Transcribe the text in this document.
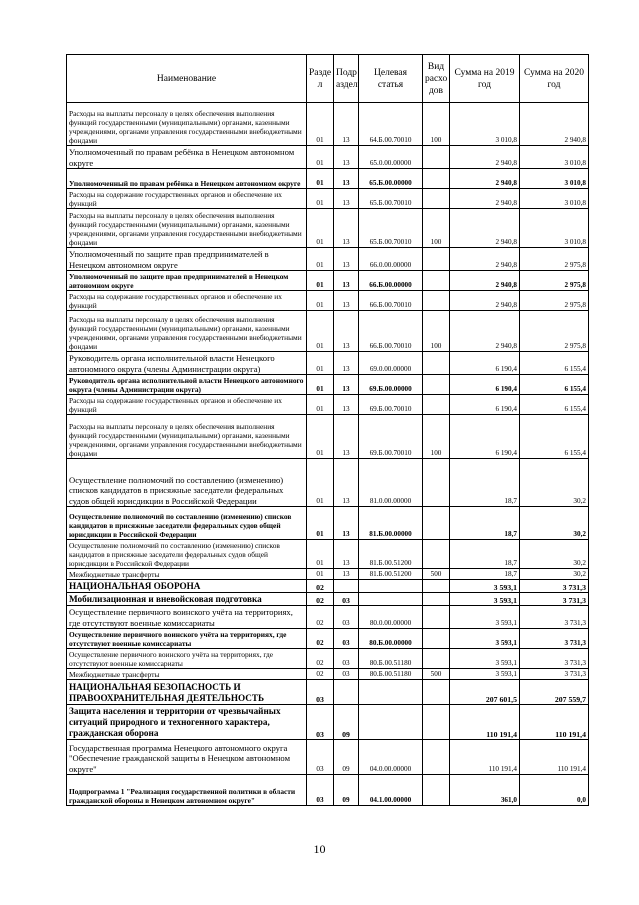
Наименование	Разде л	Подр аздел	Целевая статья	Вид расхо дов	Сумма на 2019 год	Сумма на 2020 год
Расходы на выплаты персоналу в целях обеспечения выполнения функций государственными (муниципальными) органами, казенными учреждениями, органами управления государственными внебюджетными фондами	01	13	64.Б.00.70010	100	3 010,8	2 940,8
Уполномоченный по правам ребёнка в Ненецком автономном округе	01	13	65.0.00.00000		2 940,8	3 010,8
Уполномоченный по правам ребёнка в Ненецком автономном округе	01	13	65.Б.00.00000		2 940,8	3 010,8
Расходы на содержание государственных органов и обеспечение их функций	01	13	65.Б.00.70010		2 940,8	3 010,8
Расходы на выплаты персоналу в целях обеспечения выполнения функций государственными (муниципальными) органами, казенными учреждениями, органами управления государственными внебюджетными фондами	01	13	65.Б.00.70010	100	2 940,8	3 010,8
Уполномоченный по защите прав предпринимателей в Ненецком автономном округе	01	13	66.0.00.00000		2 940,8	2 975,8
Уполномоченный по защите прав предпринимателей в Ненецком автономном округе	01	13	66.Б.00.00000		2 940,8	2 975,8
Расходы на содержание государственных органов и обеспечение их функций	01	13	66.Б.00.70010		2 940,8	2 975,8
Расходы на выплаты персоналу в целях обеспечения выполнения функций государственными (муниципальными) органами, казенными учреждениями, органами управления государственными внебюджетными фондами	01	13	66.Б.00.70010	100	2 940,8	2 975,8
Руководитель органа исполнительной власти Ненецкого автономного округа (члены Администрации округа)	01	13	69.0.00.00000		6 190,4	6 155,4
Руководитель органа исполнительной власти Ненецкого автономного округа (члены Администрации округа)	01	13	69.Б.00.00000		6 190,4	6 155,4
Расходы на содержание государственных органов и обеспечение их функций	01	13	69.Б.00.70010		6 190,4	6 155,4
Расходы на выплаты персоналу в целях обеспечения выполнения функций государственными (муниципальными) органами, казенными учреждениями, органами управления государственными внебюджетными фондами	01	13	69.Б.00.70010	100	6 190,4	6 155,4
Осуществление полномочий по составлению (изменению) списков кандидатов в присяжные заседатели федеральных судов общей юрисдикции в Российской Федерации	01	13	81.0.00.00000		18,7	30,2
Осуществление полномочий по составлению (изменению) списков кандидатов в присяжные заседатели федеральных судов общей юрисдикции в Российской Федерации	01	13	81.Б.00.00000		18,7	30,2
Осуществление полномочий по составлению (изменению) списков кандидатов в присяжные заседатели федеральных судов общей юрисдикции в Российской Федерации	01	13	81.Б.00.51200		18,7	30,2
Межбюджетные трансферты	01	13	81.Б.00.51200	500	18,7	30,2
НАЦИОНАЛЬНАЯ ОБОРОНА	02				3 593,1	3 731,3
Мобилизационная и вневойсковая подготовка	02	03			3 593,1	3 731,3
Осуществление первичного воинского учёта на территориях, где отсутствуют военные комиссариаты	02	03	80.0.00.00000		3 593,1	3 731,3
Осуществление первичного воинского учёта на территориях, где отсутствуют военные комиссариаты	02	03	80.Б.00.00000		3 593,1	3 731,3
Осуществление первичного воинского учёта на территориях, где отсутствуют военные комиссариаты	02	03	80.Б.00.51180		3 593,1	3 731,3
Межбюджетные трансферты	02	03	80.Б.00.51180	500	3 593,1	3 731,3
НАЦИОНАЛЬНАЯ БЕЗОПАСНОСТЬ И ПРАВООХРАНИТЕЛЬНАЯ ДЕЯТЕЛЬНОСТЬ	03				207 601,5	207 559,7
Защита населения и территории от чрезвычайных ситуаций природного и техногенного характера, гражданская оборона	03	09			110 191,4	110 191,4
Государственная программа Ненецкого автономного округа "Обеспечение гражданской защиты в Ненецком автономном округе"	03	09	04.0.00.00000		110 191,4	110 191,4
Подпрограмма 1 "Реализация государственной политики в области гражданской обороны в Ненецком автономном округе"	03	09	04.1.00.00000		361,0	0,0
10
